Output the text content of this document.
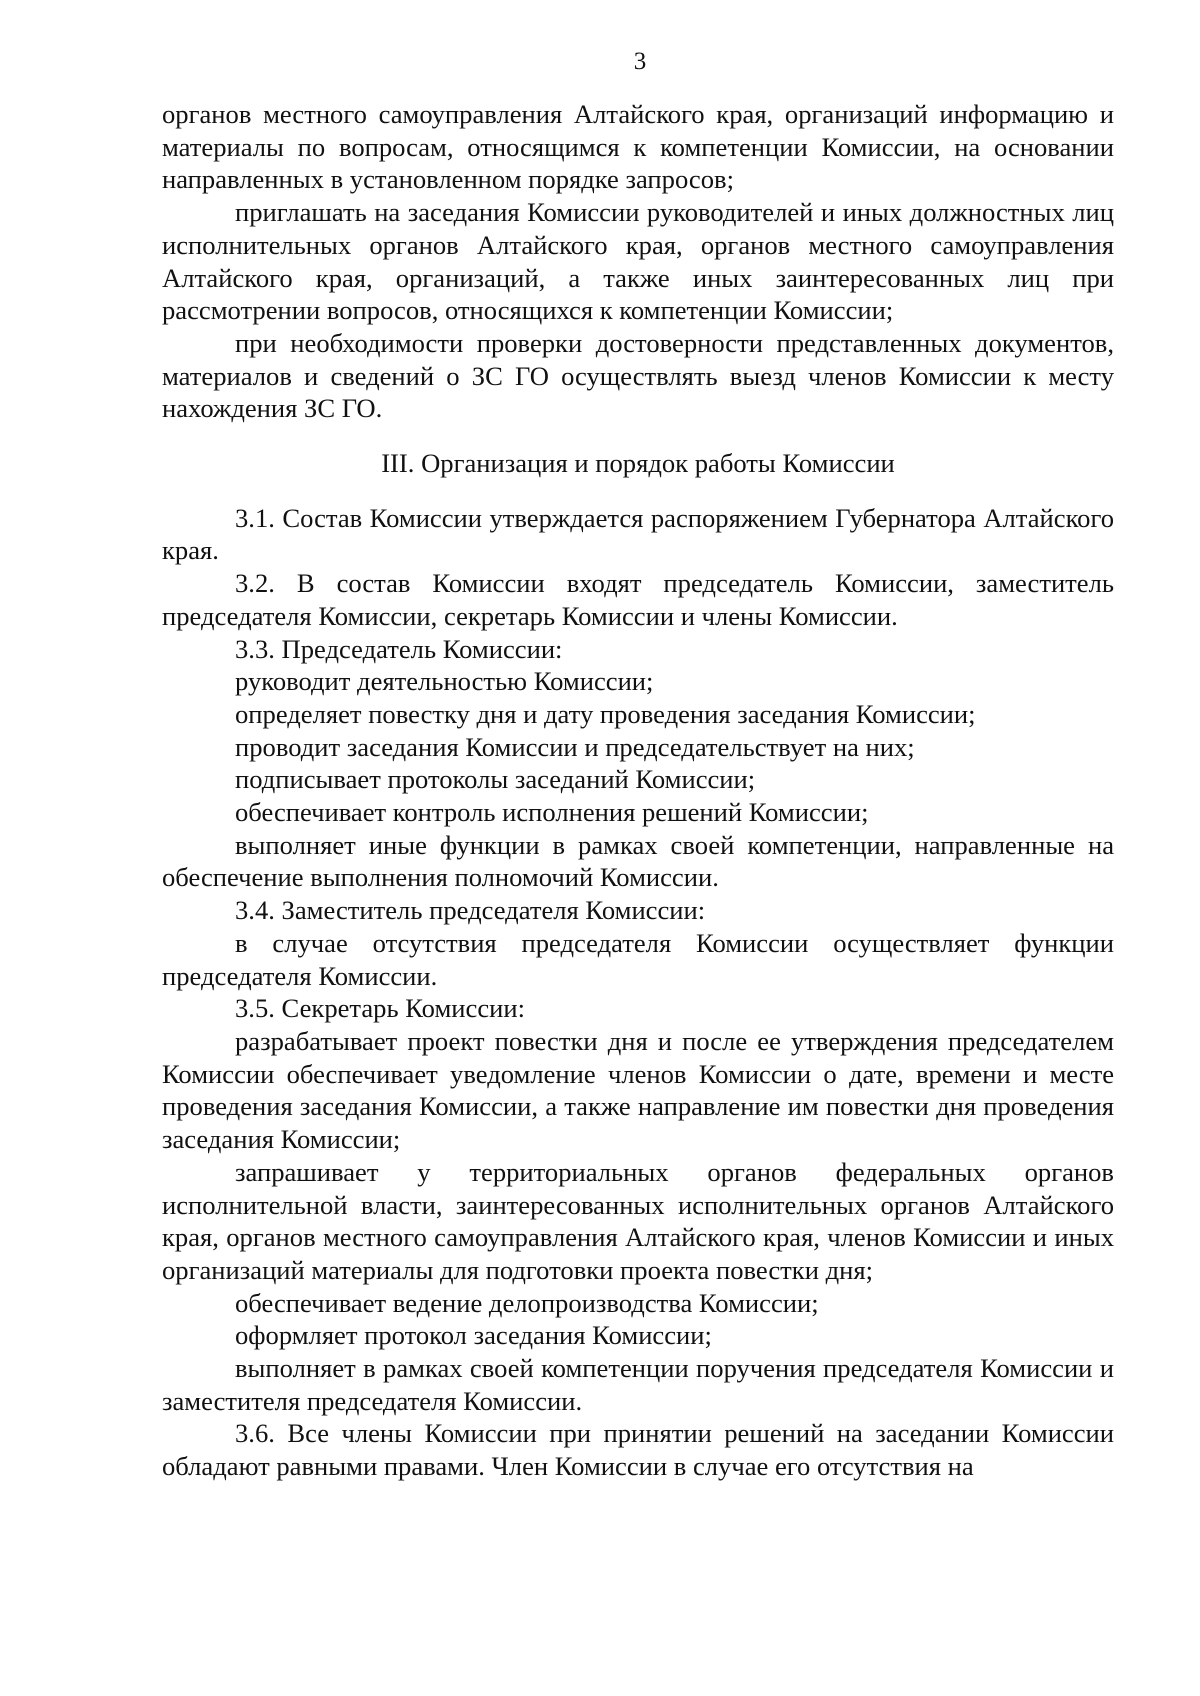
3

органов местного самоуправления Алтайского края, организаций информацию и материалы по вопросам, относящимся к компетенции Комиссии, на основании направленных в установленном порядке запросов;

приглашать на заседания Комиссии руководителей и иных должностных лиц исполнительных органов Алтайского края, органов местного самоуправления Алтайского края, организаций, а также иных заинтересованных лиц при рассмотрении вопросов, относящихся к компетенции Комиссии;

при необходимости проверки достоверности представленных документов, материалов и сведений о ЗС ГО осуществлять выезд членов Комиссии к месту нахождения ЗС ГО.

III. Организация и порядок работы Комиссии

3.1. Состав Комиссии утверждается распоряжением Губернатора Алтайского края.

3.2. В состав Комиссии входят председатель Комиссии, заместитель председателя Комиссии, секретарь Комиссии и члены Комиссии.

3.3. Председатель Комиссии:

руководит деятельностью Комиссии;

определяет повестку дня и дату проведения заседания Комиссии;

проводит заседания Комиссии и председательствует на них;

подписывает протоколы заседаний Комиссии;

обеспечивает контроль исполнения решений Комиссии;

выполняет иные функции в рамках своей компетенции, направленные на обеспечение выполнения полномочий Комиссии.

3.4. Заместитель председателя Комиссии:

в случае отсутствия председателя Комиссии осуществляет функции председателя Комиссии.

3.5. Секретарь Комиссии:

разрабатывает проект повестки дня и после ее утверждения председателем Комиссии обеспечивает уведомление членов Комиссии о дате, времени и месте проведения заседания Комиссии, а также направление им повестки дня проведения заседания Комиссии;

запрашивает у территориальных органов федеральных органов исполнительной власти, заинтересованных исполнительных органов Алтайского края, органов местного самоуправления Алтайского края, членов Комиссии и иных организаций материалы для подготовки проекта повестки дня;

обеспечивает ведение делопроизводства Комиссии;

оформляет протокол заседания Комиссии;

выполняет в рамках своей компетенции поручения председателя Комиссии и заместителя председателя Комиссии.

3.6. Все члены Комиссии при принятии решений на заседании Комиссии обладают равными правами. Член Комиссии в случае его отсутствия на
